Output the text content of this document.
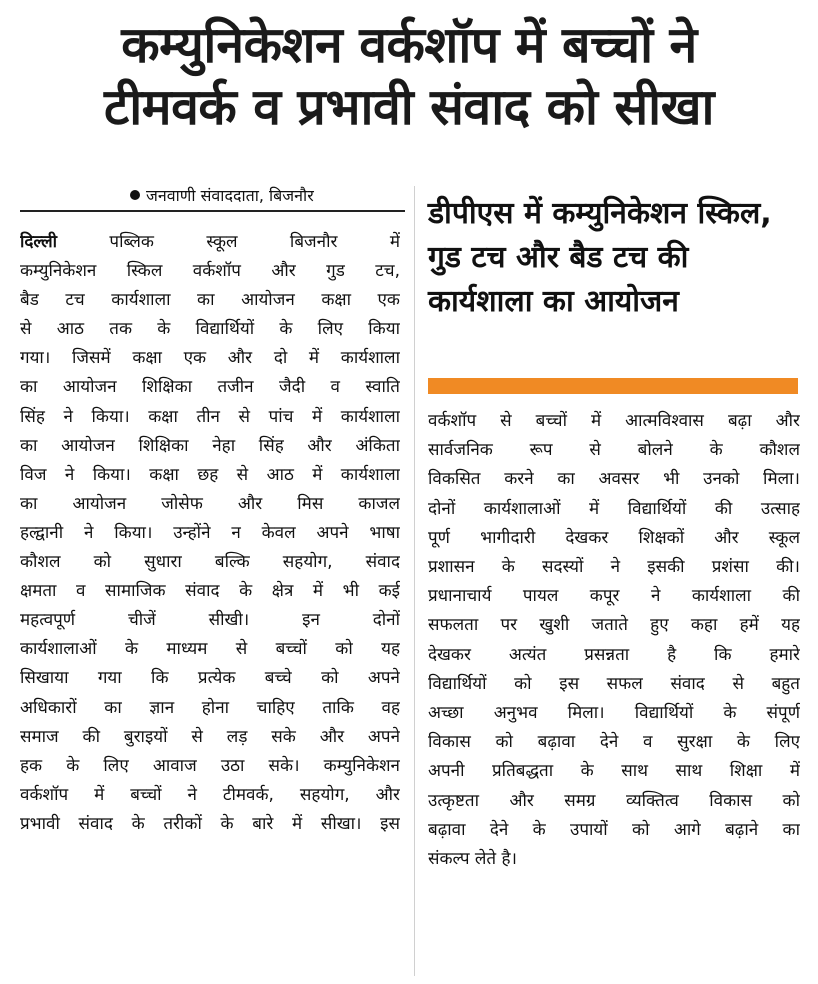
कम्युनिकेशन वर्कशॉप में बच्चों ने
टीमवर्क व प्रभावी संवाद को सीखा
जनवाणी संवाददाता, बिजनौर
दिल्ली	पब्लिक स्कूल बिजनौर में
कम्युनिकेशन स्किल वर्कशॉप और गुड टच,
बैड टच कार्यशाला का आयोजन कक्षा एक
से आठ तक के विद्यार्थियों के लिए किया
गया। जिसमें कक्षा एक और दो में कार्यशाला
का आयोजन शिक्षिका तजीन जैदी व स्वाति
सिंह ने किया। कक्षा तीन से पांच में कार्यशाला
का आयोजन शिक्षिका नेहा सिंह और अंकिता
विज ने किया। कक्षा छह से आठ में कार्यशाला
का आयोजन जोसेफ और मिस काजल
हल्द्वानी ने किया। उन्होंने न केवल अपने भाषा
कौशल को सुधारा बल्कि सहयोग, संवाद
क्षमता व सामाजिक संवाद के क्षेत्र में भी कई
महत्वपूर्ण चीजें सीखी। इन दोनों
कार्यशालाओं के माध्यम से बच्चों को यह
सिखाया गया कि प्रत्येक बच्चे को अपने
अधिकारों का ज्ञान होना चाहिए ताकि वह
समाज की बुराइयों से लड़ सके और अपने
हक के लिए आवाज उठा सके। कम्युनिकेशन
वर्कशॉप में बच्चों ने टीमवर्क, सहयोग, और
प्रभावी संवाद के तरीकों के बारे में सीखा। इस
डीपीएस में कम्युनिकेशन स्किल, गुड टच और बैड टच की कार्यशाला का आयोजन
वर्कशॉप से बच्चों में आत्मविश्वास बढ़ा और
सार्वजनिक रूप से बोलने के कौशल
विकसित करने का अवसर भी उनको मिला।
दोनों कार्यशालाओं में विद्यार्थियों की उत्साह
पूर्ण भागीदारी देखकर शिक्षकों और स्कूल
प्रशासन के सदस्यों ने इसकी प्रशंसा की।
प्रधानाचार्य पायल कपूर ने कार्यशाला की
सफलता पर खुशी जताते हुए कहा हमें यह
देखकर अत्यंत प्रसन्नता है कि हमारे
विद्यार्थियों को इस सफल संवाद से बहुत
अच्छा अनुभव मिला। विद्यार्थियों के संपूर्ण
विकास को बढ़ावा देने व सुरक्षा के लिए
अपनी प्रतिबद्धता के साथ साथ शिक्षा में
उत्कृष्टता और समग्र व्यक्तित्व विकास को
बढ़ावा देने के उपायों को आगे बढ़ाने का
संकल्प लेते है।
